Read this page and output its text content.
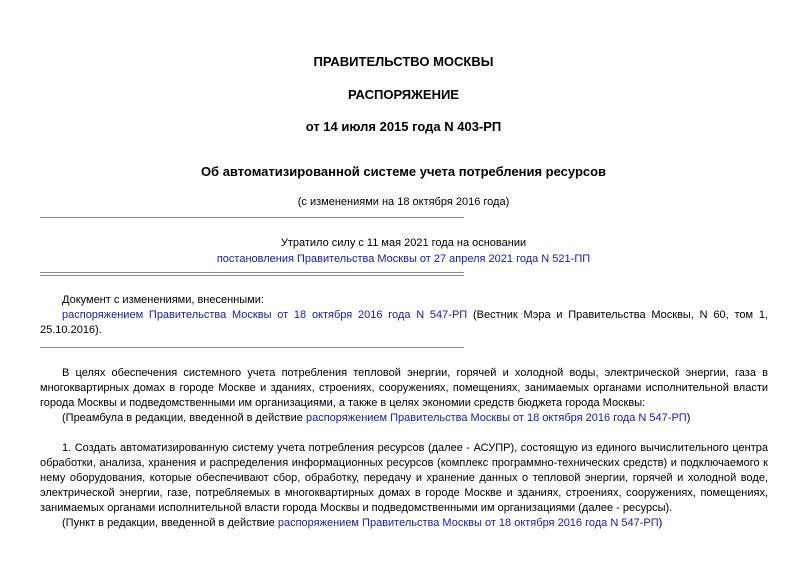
ПРАВИТЕЛЬСТВО МОСКВЫ
РАСПОРЯЖЕНИЕ
от 14 июля 2015 года N 403-РП
Об автоматизированной системе учета потребления ресурсов
(с изменениями на 18 октября 2016 года)
Утратило силу с 11 мая 2021 года на основании
постановления Правительства Москвы от 27 апреля 2021 года N 521-ПП
Документ с изменениями, внесенными:
распоряжением Правительства Москвы от 18 октября 2016 года N 547-РП (Вестник Мэра и Правительства Москвы, N 60, том 1,
25.10.2016).
В целях обеспечения системного учета потребления тепловой энергии, горячей и холодной воды, электрической энергии, газа в
многоквартирных домах в городе Москве и зданиях, строениях, сооружениях, помещениях, занимаемых органами исполнительной власти
города Москвы и подведомственными им организациями, а также в целях экономии средств бюджета города Москвы:
(Преамбула в редакции, введенной в действие распоряжением Правительства Москвы от 18 октября 2016 года N 547-РП)
1. Создать автоматизированную систему учета потребления ресурсов (далее - АСУПР), состоящую из единого вычислительного центра
обработки, анализа, хранения и распределения информационных ресурсов (комплекс программно-технических средств) и подключаемого к
нему оборудования, которые обеспечивают сбор, обработку, передачу и хранение данных о тепловой энергии, горячей и холодной воде,
электрической энергии, газе, потребляемых в многоквартирных домах в городе Москве и зданиях, строениях, сооружениях, помещениях,
занимаемых органами исполнительной власти города Москвы и подведомственными им организациями (далее - ресурсы).
(Пункт в редакции, введенной в действие распоряжением Правительства Москвы от 18 октября 2016 года N 547-РП)
